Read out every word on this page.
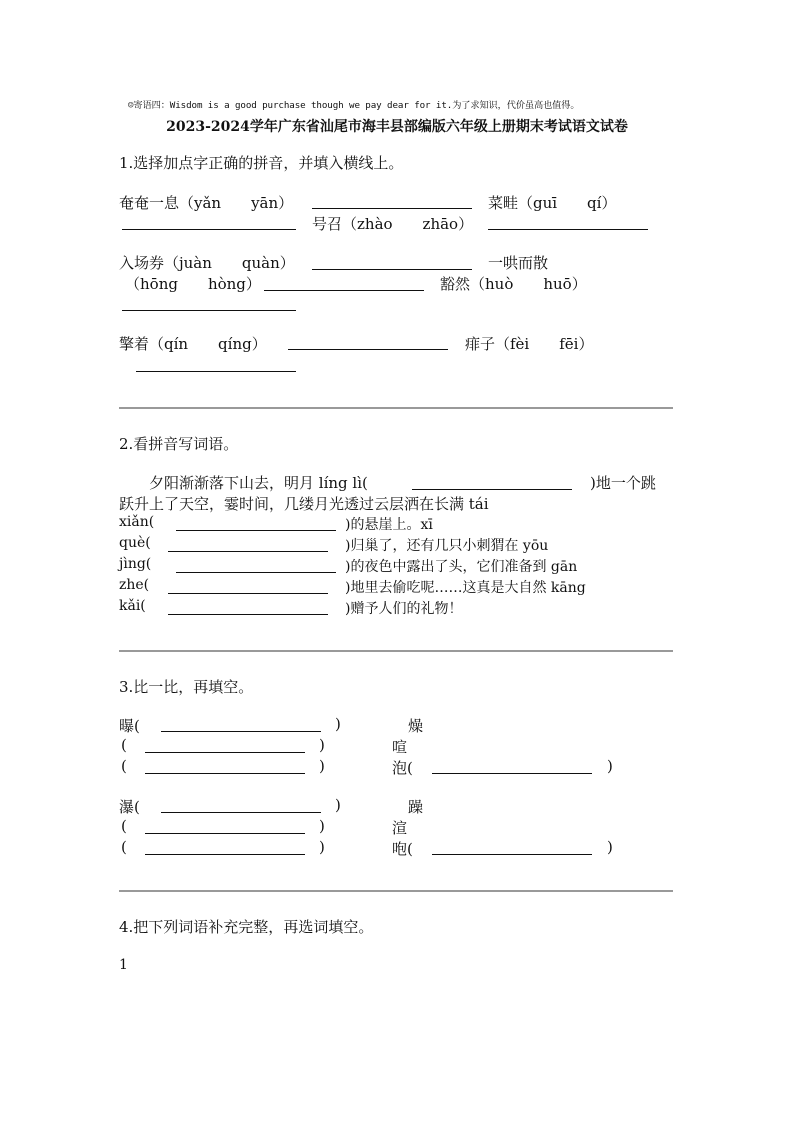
☺寄语四：Wisdom is a good purchase though we pay dear for it.为了求知识，代价虽高也值得。
2023-2024学年广东省汕尾市海丰县部编版六年级上册期末考试语文试卷
1.选择加点字正确的拼音，并填入横线上。
奄奄一息（yǎn　　yān）	菜畦（guī　　qí）
号召（zhào　　zhāo）
入场券（juàn　　quàn）	一哄而散
（hōng　　hòng）	豁然（huò　　huō）
擎着（qín　　qíng）	痱子（fèi　　fēi）
2.看拼音写词语。
　　夕阳渐渐落下山去，明月 líng lì(	)地一个跳
跃升上了天空，霎时间，几缕月光透过云层洒在长满 tái
xiǎn(	)的悬崖上。xī
què(	)归巢了，还有几只小刺猬在 yōu
jìng(	)的夜色中露出了头，它们准备到 gān
zhe(	)地里去偷吃呢……这真是大自然 kāng
kǎi(	)赠予人们的礼物！
3.比一比，再填空。
曝(	)	燥
(	)	喧
(	)	泡(	)
瀑(	)	躁
(	)	渲
(	)	咆(	)
4.把下列词语补充完整，再选词填空。
1
